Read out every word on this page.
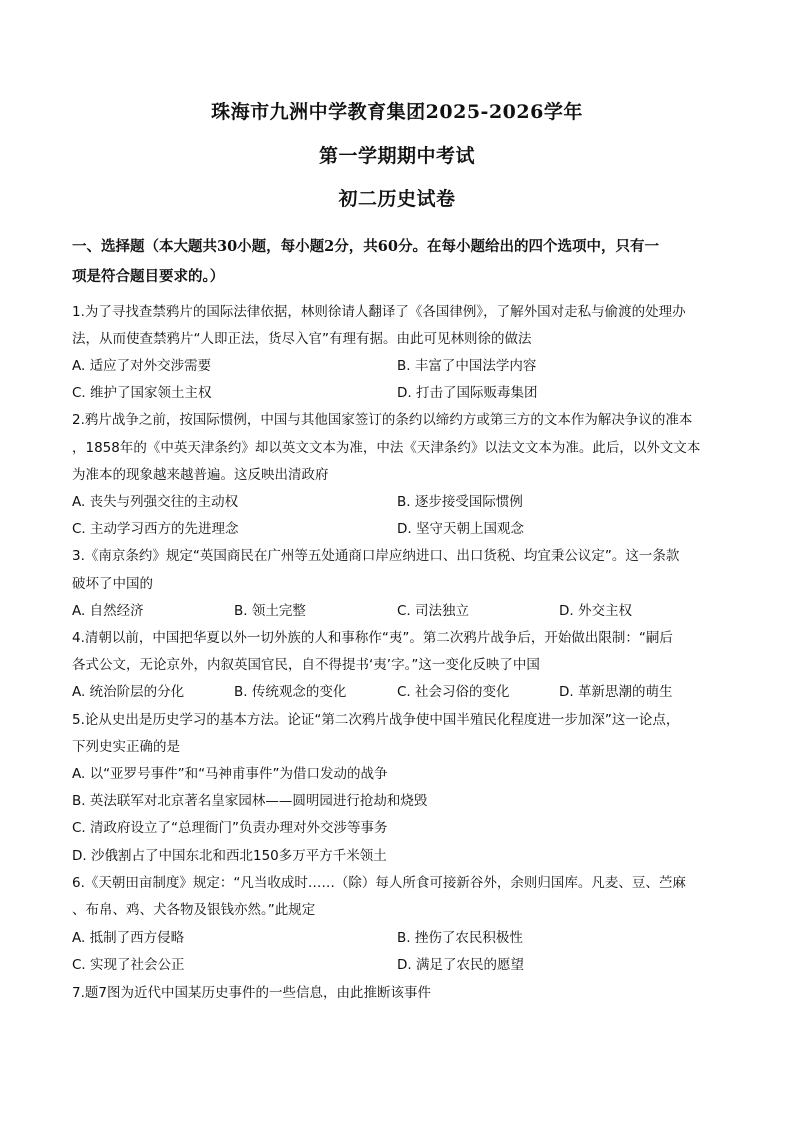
珠海市九洲中学教育集团2025-2026学年
第一学期期中考试
初二历史试卷
一、选择题（本大题共30小题，每小题2分，共60分。在每小题给出的四个选项中，只有一
项是符合题目要求的。）
1.为了寻找查禁鸦片的国际法律依据，林则徐请人翻译了《各国律例》，了解外国对走私与偷渡的处理办
法，从而使查禁鸦片“人即正法，货尽入官”有理有据。由此可见林则徐的做法
A. 适应了对外交涉需要	B. 丰富了中国法学内容
C. 维护了国家领土主权	D. 打击了国际贩毒集团
2.鸦片战争之前，按国际惯例，中国与其他国家签订的条约以缔约方或第三方的文本作为解决争议的准本
，1858年的《中英天津条约》却以英文文本为准，中法《天津条约》以法文文本为准。此后，以外文文本
为准本的现象越来越普遍。这反映出清政府
A. 丧失与列强交往的主动权	B. 逐步接受国际惯例
C. 主动学习西方的先进理念	D. 坚守天朝上国观念
3.《南京条约》规定“英国商民在广州等五处通商口岸应纳进口、出口货税、均宜秉公议定”。这一条款
破坏了中国的
A. 自然经济	B. 领土完整	C. 司法独立	D. 外交主权
4.清朝以前，中国把华夏以外一切外族的人和事称作“夷”。第二次鸦片战争后，开始做出限制：“嗣后
各式公文，无论京外，内叙英国官民，自不得提书‘夷’字。”这一变化反映了中国
A. 统治阶层的分化	B. 传统观念的变化	C. 社会习俗的变化	D. 革新思潮的萌生
5.论从史出是历史学习的基本方法。论证“第二次鸦片战争使中国半殖民化程度进一步加深”这一论点，
下列史实正确的是
A. 以“亚罗号事件”和“马神甫事件”为借口发动的战争
B. 英法联军对北京著名皇家园林——圆明园进行抢劫和烧毁
C. 清政府设立了“总理衙门”负责办理对外交涉等事务
D. 沙俄割占了中国东北和西北150多万平方千米领土
6.《天朝田亩制度》规定：“凡当收成时……（除）每人所食可接新谷外，余则归国库。凡麦、豆、苎麻
、布帛、鸡、犬各物及银钱亦然。”此规定
A. 抵制了西方侵略	B. 挫伤了农民积极性
C. 实现了社会公正	D. 满足了农民的愿望
7.题7图为近代中国某历史事件的一些信息，由此推断该事件
